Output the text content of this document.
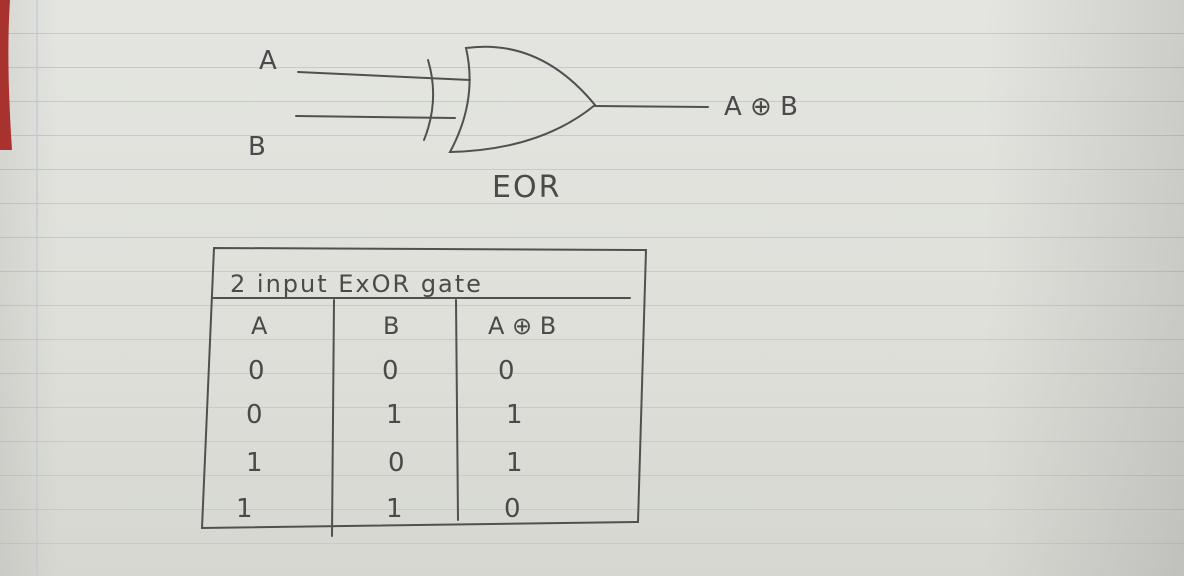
A
B
A ⊕ B
EOR
2 input ExOR gate
A	B	A ⊕ B
0	0	0
0	1	1
1	0	1
1	1	0
